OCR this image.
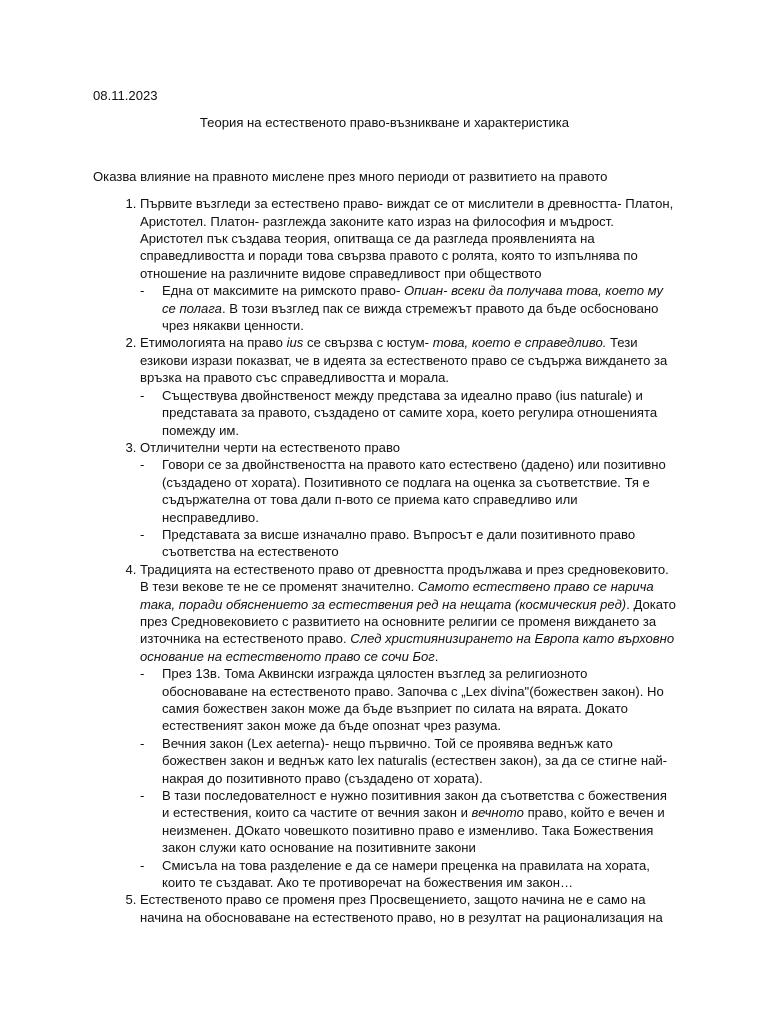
08.11.2023

Теория на естественото право-възникване и характеристика

Оказва влияние на правното мислене през много периоди от развитието на правото

1. Първите възгледи за естествено право- виждат се от мислители в древността- Платон, Аристотел. Платон- разглежда законите като израз на философия и мъдрост. Аристотел пък създава теория, опитваща се да разгледа проявленията на справедливостта и поради това свързва правото с ролята, която то изпълнява по отношение на различните видове справедливост при обществото
- Една от максимите на римското право- Опиан- всеки да получава това, което му се полага. В този възглед пак се вижда стремежът правото да бъде осбосновано чрез някакви ценности.
2. Етимологията на право ius се свързва с юстум- това, което е справедливо. Тези езикови изрази показват, че в идеята за естественото право се съдържа виждането за връзка на правото със справедливостта и морала.
- Съществува двойнственост между представа за идеално право (ius naturale) и представата за правото, създадено от самите хора, което регулира отношенията помежду им.
3. Отличителни черти на естественото право
- Говори се за двойнствеността на правото като естествено (дадено) или позитивно (създадено от хората). Позитивното се подлага на оценка за съответствие. Тя е съдържателна от това дали п-вото се приема като справедливо или несправедливо.
- Представата за висше изначално право. Въпросът е дали позитивното право съответства на естественото
4. Традицията на естественото право от древността продължава и през средновековито. В тези векове те не се променят значително. Самото естествено право се нарича така, поради обяснението за естествения ред на нещата (космическия ред). Докато през Средновековието с развитието на основните религии се променя виждането за източника на естественото право. След християнизирането на Европа като върховно основание на естественото право се сочи Бог.
- През 13в. Тома Аквински изгражда цялостен възглед за религиозното обосноваване на естественото право. Започва с „Lex divina"(божествен закон). Но самия божествен закон може да бъде възприет по силата на вярата. Докато естественият закон може да бъде опознат чрез разума.
- Вечния закон (Lex aeterna)- нещо първично. Той се проявява веднъж като божествен закон и веднъж като lex naturalis (естествен закон), за да се стигне най-накрая до позитивното право (създадено от хората).
- В тази последователност е нужно позитивния закон да съответства с божествения и естествения, които са частите от вечния закон и вечното право, който е вечен и неизменен. ДОкато човешкото позитивно право е изменливо. Така Божествения закон служи като основание на позитивните закони
- Смисъла на това разделение е да се намери преценка на правилата на хората, които те създават. Ако те противоречат на божествения им закон…
5. Естественото право се променя през Просвещението, защото начина не е само на начина на обосноваване на естественото право, но в резултат на рационализация на
